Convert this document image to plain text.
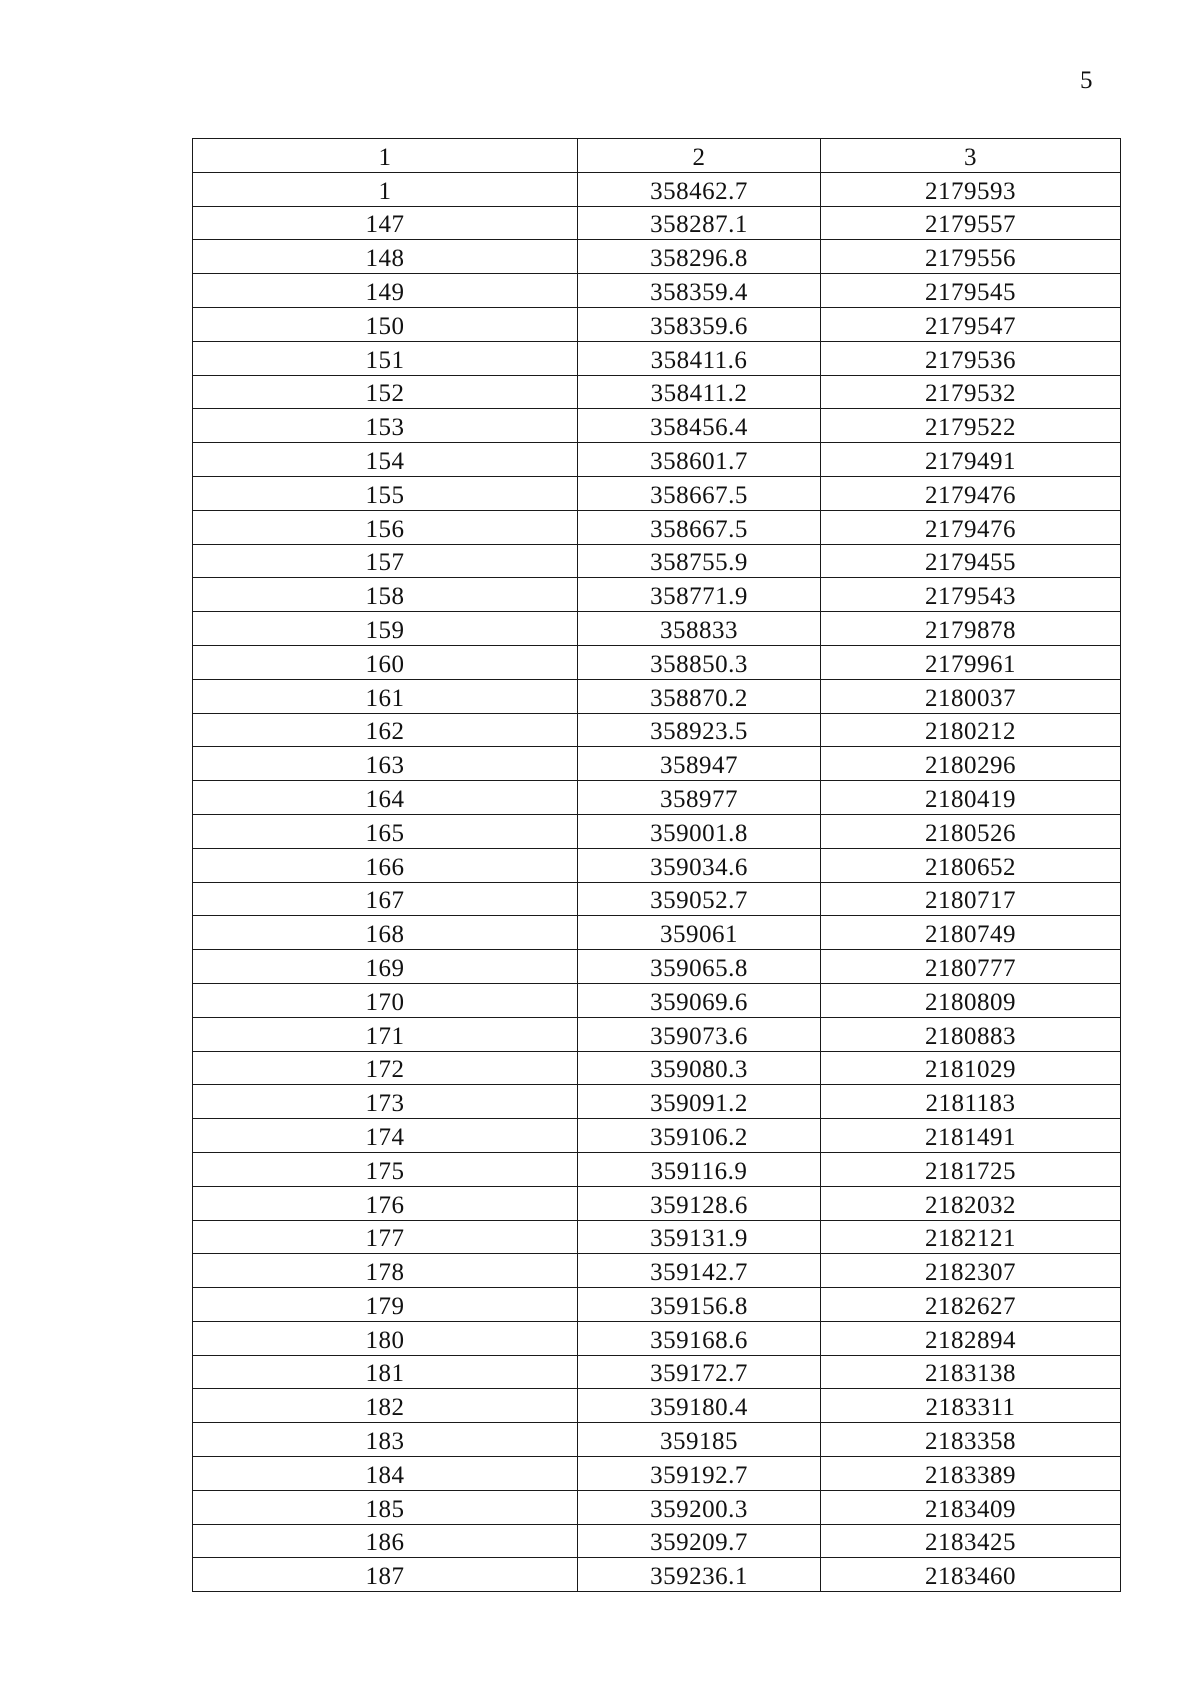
5
1	2	3
1	358462.7	2179593
147	358287.1	2179557
148	358296.8	2179556
149	358359.4	2179545
150	358359.6	2179547
151	358411.6	2179536
152	358411.2	2179532
153	358456.4	2179522
154	358601.7	2179491
155	358667.5	2179476
156	358667.5	2179476
157	358755.9	2179455
158	358771.9	2179543
159	358833	2179878
160	358850.3	2179961
161	358870.2	2180037
162	358923.5	2180212
163	358947	2180296
164	358977	2180419
165	359001.8	2180526
166	359034.6	2180652
167	359052.7	2180717
168	359061	2180749
169	359065.8	2180777
170	359069.6	2180809
171	359073.6	2180883
172	359080.3	2181029
173	359091.2	2181183
174	359106.2	2181491
175	359116.9	2181725
176	359128.6	2182032
177	359131.9	2182121
178	359142.7	2182307
179	359156.8	2182627
180	359168.6	2182894
181	359172.7	2183138
182	359180.4	2183311
183	359185	2183358
184	359192.7	2183389
185	359200.3	2183409
186	359209.7	2183425
187	359236.1	2183460
